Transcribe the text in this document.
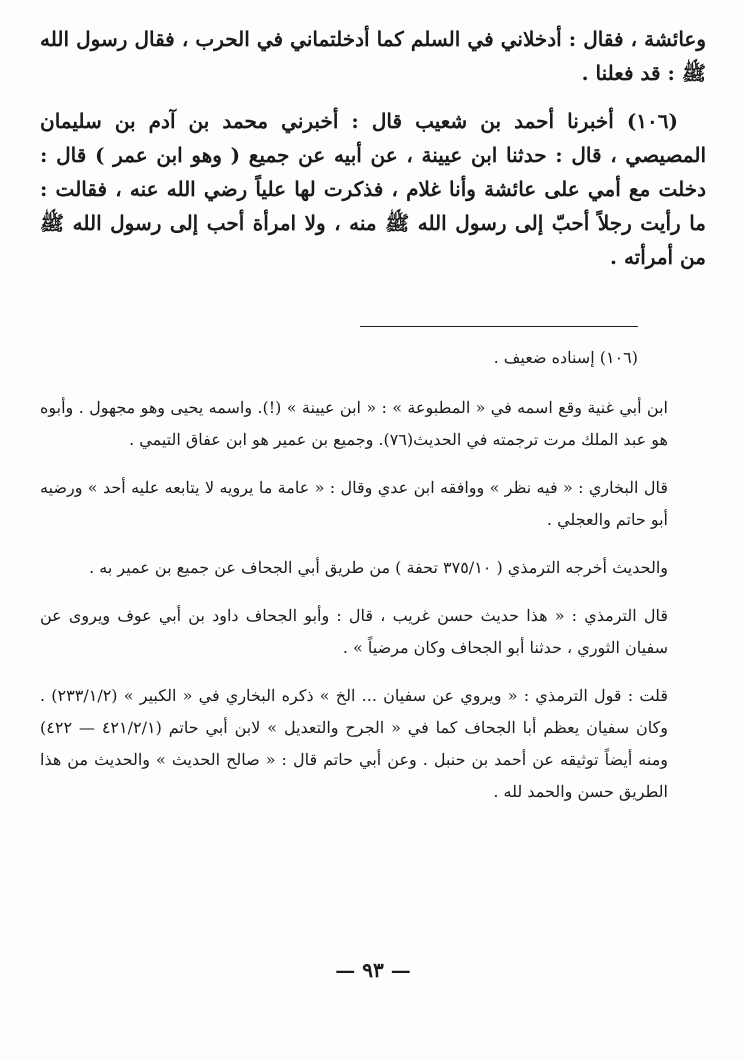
وعائشة ، فقال : أدخلاني في السلم كما أدخلتماني في الحرب ، فقال رسول الله ﷺ : قد فعلنا .

(١٠٦) أخبرنا أحمد بن شعيب قال : أخبرني محمد بن آدم بن سليمان المصيصي ، قال : حدثنا ابن عيينة ، عن أبيه عن جميع ( وهو ابن عمر ) قال : دخلت مع أمي على عائشة وأنا غلام ، فذكرت لها علياً رضي الله عنه ، فقالت : ما رأيت رجلاً أحبّ إلى رسول الله ﷺ منه ، ولا امرأة أحب إلى رسول الله ﷺ من أمرأته .

(١٠٦) إسناده ضعيف .

ابن أبي غنية وقع اسمه في « المطبوعة » : « ابن عيينة » (!). واسمه يحيى وهو مجهول . وأبوه هو عبد الملك مرت ترجمته في الحديث(٧٦). وجميع بن عمير هو ابن عفاق التيمي .

قال البخاري : « فيه نظر » ووافقه ابن عدي وقال : « عامة ما يرويه لا يتابعه عليه أحد » ورضيه أبو حاتم والعجلي .

والحديث أخرجه الترمذي ( ٣٧٥/١٠ تحفة ) من طريق أبي الجحاف عن جميع بن عمير به .

قال الترمذي : « هذا حديث حسن غريب ، قال : وأبو الجحاف داود بن أبي عوف ويروى عن سفيان الثوري ، حدثنا أبو الجحاف وكان مرضياً » .

قلت : قول الترمذي : « ويروي عن سفيان ... الخ » ذكره البخاري في « الكبير » (٢٣٣/١/٢) . وكان سفيان يعظم أبا الجحاف كما في « الجرح والتعديل » لابن أبي حاتم (٤٢١/٢/١ — ٤٢٢) ومنه أيضاً توثيقه عن أحمد بن حنبل . وعن أبي حاتم قال : « صالح الحديث » والحديث من هذا الطريق حسن والحمد لله .

— ٩٣ —
